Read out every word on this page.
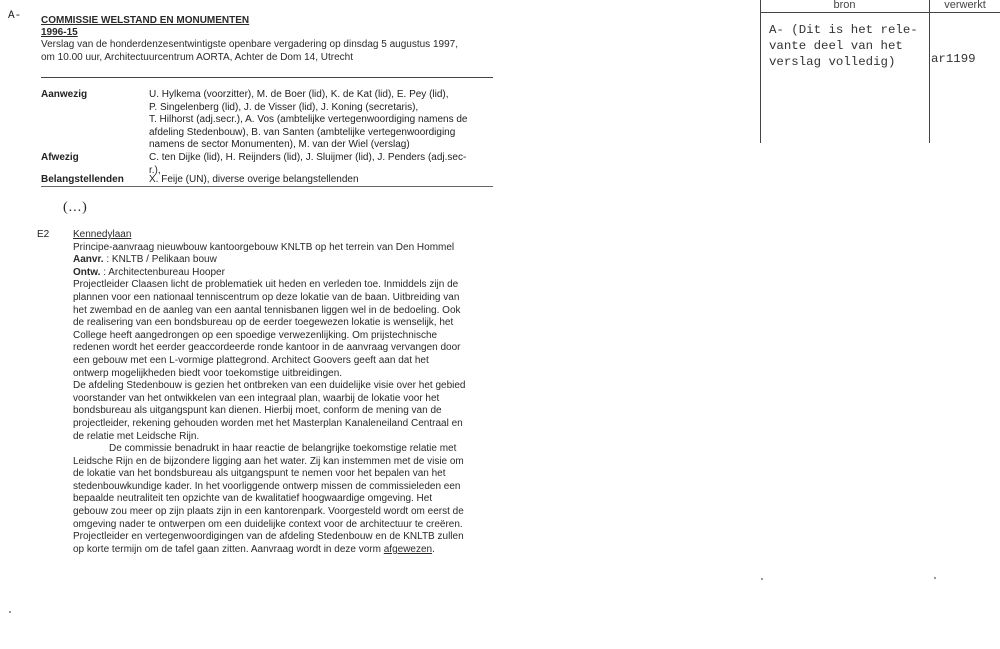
A- COMMISSIE WELSTAND EN MONUMENTEN
1996-15
Verslag van de honderdenzesentwintigste openbare vergadering op dinsdag 5 augustus 1997,
om 10.00 uur, Architectuurcentrum AORTA, Achter de Dom 14, Utrecht
Aanwezig	U. Hylkema (voorzitter), M. de Boer (lid), K. de Kat (lid), E. Pey (lid),
P. Singelenberg (lid), J. de Visser (lid), J. Koning (secretaris),
T. Hilhorst (adj.secr.), A. Vos (ambtelijke vertegenwoordiging namens de
afdeling Stedenbouw), B. van Santen (ambtelijke vertegenwoordiging
namens de sector Monumenten), M. van der Wiel (verslag)
Afwezig	C. ten Dijke (lid), H. Reijnders (lid), J. Sluijmer (lid), J. Penders (adj.sec-
r.),
Belangstellenden	X. Feije (UN), diverse overige belangstellenden
(...)
E2 Kennedylaan
Principe-aanvraag nieuwbouw kantoorgebouw KNLTB op het terrein van Den Hommel
Aanvr. : KNLTB / Pelikaan bouw
Ontw. : Architectenbureau Hooper
Projectleider Claasen licht de problematiek uit heden en verleden toe. Inmiddels zijn de
plannen voor een nationaal tenniscentrum op deze lokatie van de baan. Uitbreiding van
het zwembad en de aanleg van een aantal tennisbanen liggen wel in de bedoeling. Ook
de realisering van een bondsbureau op de eerder toegewezen lokatie is wenselijk, het
College heeft aangedrongen op een spoedige verwezenlijking. Om prijstechnische
redenen wordt het eerder geaccordeerde ronde kantoor in de aanvraag vervangen door
een gebouw met een L-vormige plattegrond. Architect Goovers geeft aan dat het
ontwerp mogelijkheden biedt voor toekomstige uitbreidingen.
De afdeling Stedenbouw is gezien het ontbreken van een duidelijke visie over het gebied
voorstander van het ontwikkelen van een integraal plan, waarbij de lokatie voor het
bondsbureau als uitgangspunt kan dienen. Hierbij moet, conform de mening van de
projectleider, rekening gehouden worden met het Masterplan Kanaleneiland Centraal en
de relatie met Leidsche Rijn.
De commissie benadrukt in haar reactie de belangrijke toekomstige relatie met
Leidsche Rijn en de bijzondere ligging aan het water. Zij kan instemmen met de visie om
de lokatie van het bondsbureau als uitgangspunt te nemen voor het bepalen van het
stedenbouwkundige kader. In het voorliggende ontwerp missen de commissieleden een
bepaalde neutraliteit ten opzichte van de kwalitatief hoogwaardige omgeving. Het
gebouw zou meer op zijn plaats zijn in een kantorenpark. Voorgesteld wordt om eerst de
omgeving nader te ontwerpen om een duidelijke context voor de architectuur te creëren.
Projectleider en vertegenwoordigingen van de afdeling Stedenbouw en de KNLTB zullen
op korte termijn om de tafel gaan zitten. Aanvraag wordt in deze vorm afgewezen.
bron	verwerkt
A- (Dit is het rele-
vante deel van het
verslag volledig)	ar1199
